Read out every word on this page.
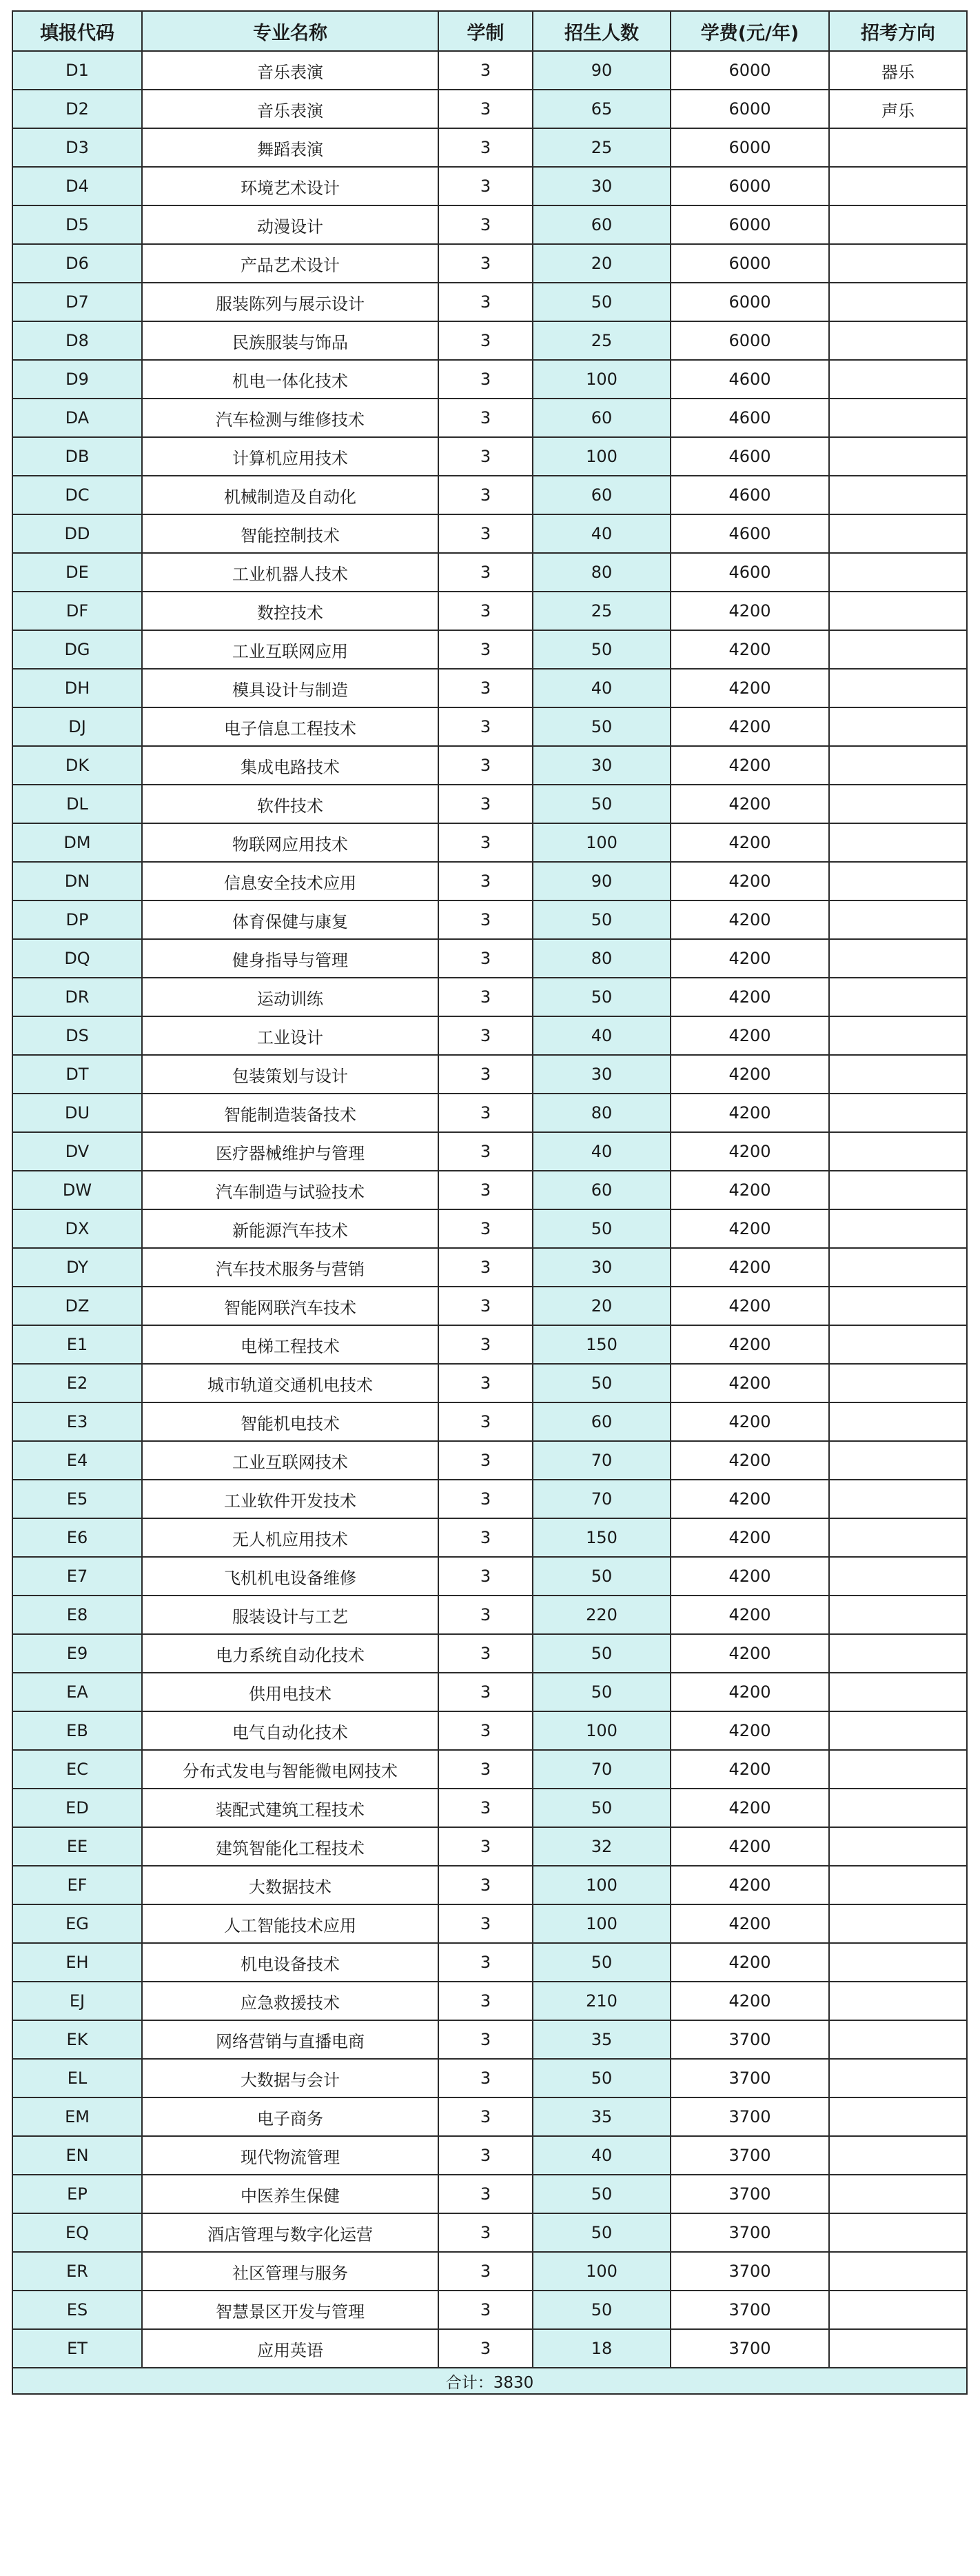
填报代码	专业名称	学制	招生人数	学费(元/年)	招考方向
D1	音乐表演	3	90	6000	器乐
D2	音乐表演	3	65	6000	声乐
D3	舞蹈表演	3	25	6000	
D4	环境艺术设计	3	30	6000	
D5	动漫设计	3	60	6000	
D6	产品艺术设计	3	20	6000	
D7	服装陈列与展示设计	3	50	6000	
D8	民族服装与饰品	3	25	6000	
D9	机电一体化技术	3	100	4600	
DA	汽车检测与维修技术	3	60	4600	
DB	计算机应用技术	3	100	4600	
DC	机械制造及自动化	3	60	4600	
DD	智能控制技术	3	40	4600	
DE	工业机器人技术	3	80	4600	
DF	数控技术	3	25	4200	
DG	工业互联网应用	3	50	4200	
DH	模具设计与制造	3	40	4200	
DJ	电子信息工程技术	3	50	4200	
DK	集成电路技术	3	30	4200	
DL	软件技术	3	50	4200	
DM	物联网应用技术	3	100	4200	
DN	信息安全技术应用	3	90	4200	
DP	体育保健与康复	3	50	4200	
DQ	健身指导与管理	3	80	4200	
DR	运动训练	3	50	4200	
DS	工业设计	3	40	4200	
DT	包装策划与设计	3	30	4200	
DU	智能制造装备技术	3	80	4200	
DV	医疗器械维护与管理	3	40	4200	
DW	汽车制造与试验技术	3	60	4200	
DX	新能源汽车技术	3	50	4200	
DY	汽车技术服务与营销	3	30	4200	
DZ	智能网联汽车技术	3	20	4200	
E1	电梯工程技术	3	150	4200	
E2	城市轨道交通机电技术	3	50	4200	
E3	智能机电技术	3	60	4200	
E4	工业互联网技术	3	70	4200	
E5	工业软件开发技术	3	70	4200	
E6	无人机应用技术	3	150	4200	
E7	飞机机电设备维修	3	50	4200	
E8	服装设计与工艺	3	220	4200	
E9	电力系统自动化技术	3	50	4200	
EA	供用电技术	3	50	4200	
EB	电气自动化技术	3	100	4200	
EC	分布式发电与智能微电网技术	3	70	4200	
ED	装配式建筑工程技术	3	50	4200	
EE	建筑智能化工程技术	3	32	4200	
EF	大数据技术	3	100	4200	
EG	人工智能技术应用	3	100	4200	
EH	机电设备技术	3	50	4200	
EJ	应急救援技术	3	210	4200	
EK	网络营销与直播电商	3	35	3700	
EL	大数据与会计	3	50	3700	
EM	电子商务	3	35	3700	
EN	现代物流管理	3	40	3700	
EP	中医养生保健	3	50	3700	
EQ	酒店管理与数字化运营	3	50	3700	
ER	社区管理与服务	3	100	3700	
ES	智慧景区开发与管理	3	50	3700	
ET	应用英语	3	18	3700	
合计：3830					
